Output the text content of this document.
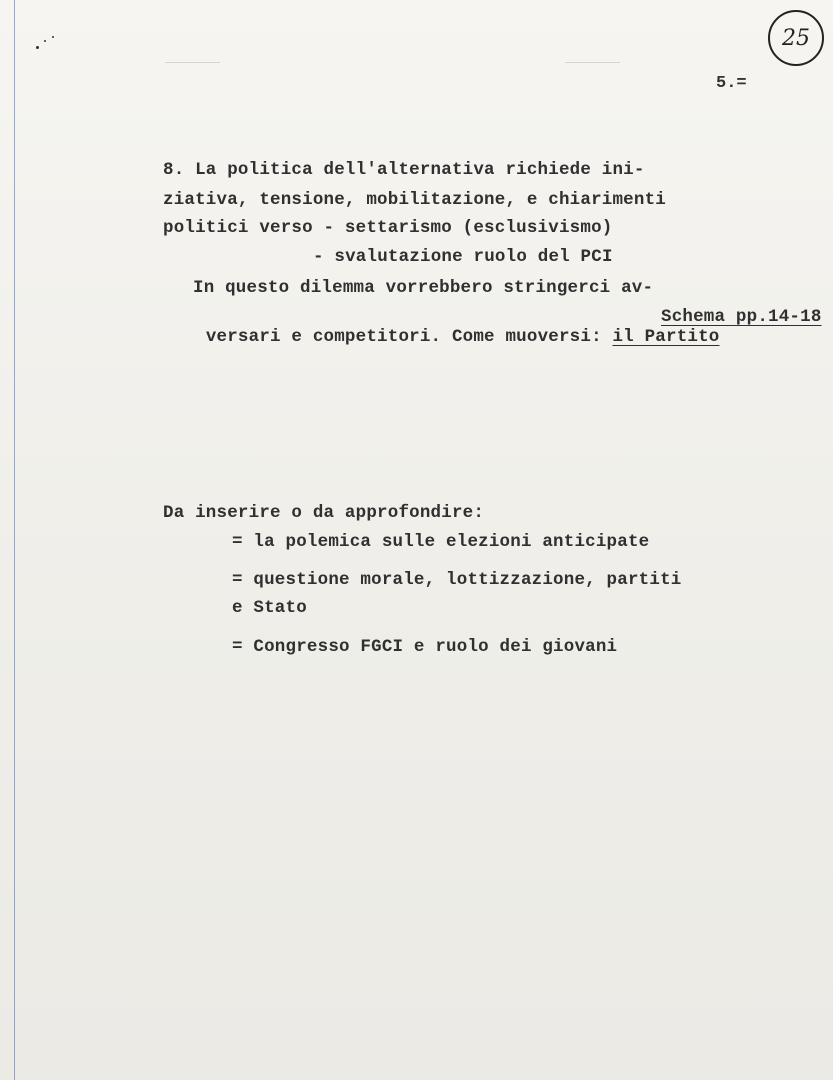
25
5.=
8. La politica dell'alternativa richiede ini-
ziativa, tensione, mobilitazione, e chiarimenti
politici verso - settarismo (esclusivismo)
- svalutazione ruolo del PCI
In questo dilemma vorrebbero stringerci av-

versari e competitori. Come muoversi: il Partito

Schema pp.14-18
Da inserire o da approfondire:
= la polemica sulle elezioni anticipate
= questione morale, lottizzazione, partiti
e Stato
= Congresso FGCI e ruolo dei giovani
